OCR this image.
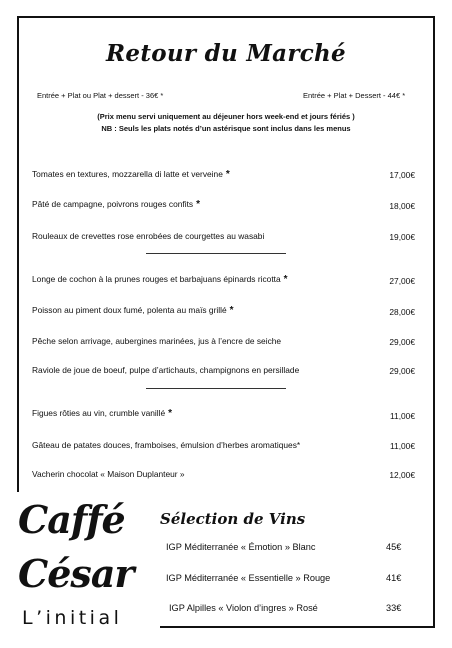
Retour du Marché
Entrée + Plat ou Plat + dessert - 36€ *	Entrée + Plat + Dessert - 44€ *
(Prix menu servi uniquement au déjeuner hors week-end et jours fériés )
NB : Seuls les plats notés d’un astérisque sont inclus dans les menus
Tomates en textures, mozzarella di latte et verveine *	17,00€
Pâté de campagne, poivrons rouges confits *	18,00€
Rouleaux de crevettes rose enrobées de courgettes au wasabi	19,00€
Longe de cochon à la prunes rouges et barbajuans épinards ricotta *	27,00€
Poisson au piment doux fumé, polenta au maïs grillé *	28,00€
Pêche selon arrivage, aubergines marinées, jus à l’encre de seiche	29,00€
Raviole de joue de boeuf, pulpe d’artichauts, champignons en persillade	29,00€
Figues rôties au vin, crumble vanillé *	11,00€
Gâteau de patates douces, framboises, émulsion d’herbes aromatiques*	11,00€
Vacherin chocolat « Maison Duplanteur »	12,00€
Caffé
César
L’initial
Sélection de Vins
IGP Méditerranée « Émotion » Blanc	45€
IGP Méditerranée « Essentielle » Rouge	41€
IGP Alpilles « Violon d’ingres » Rosé	33€
